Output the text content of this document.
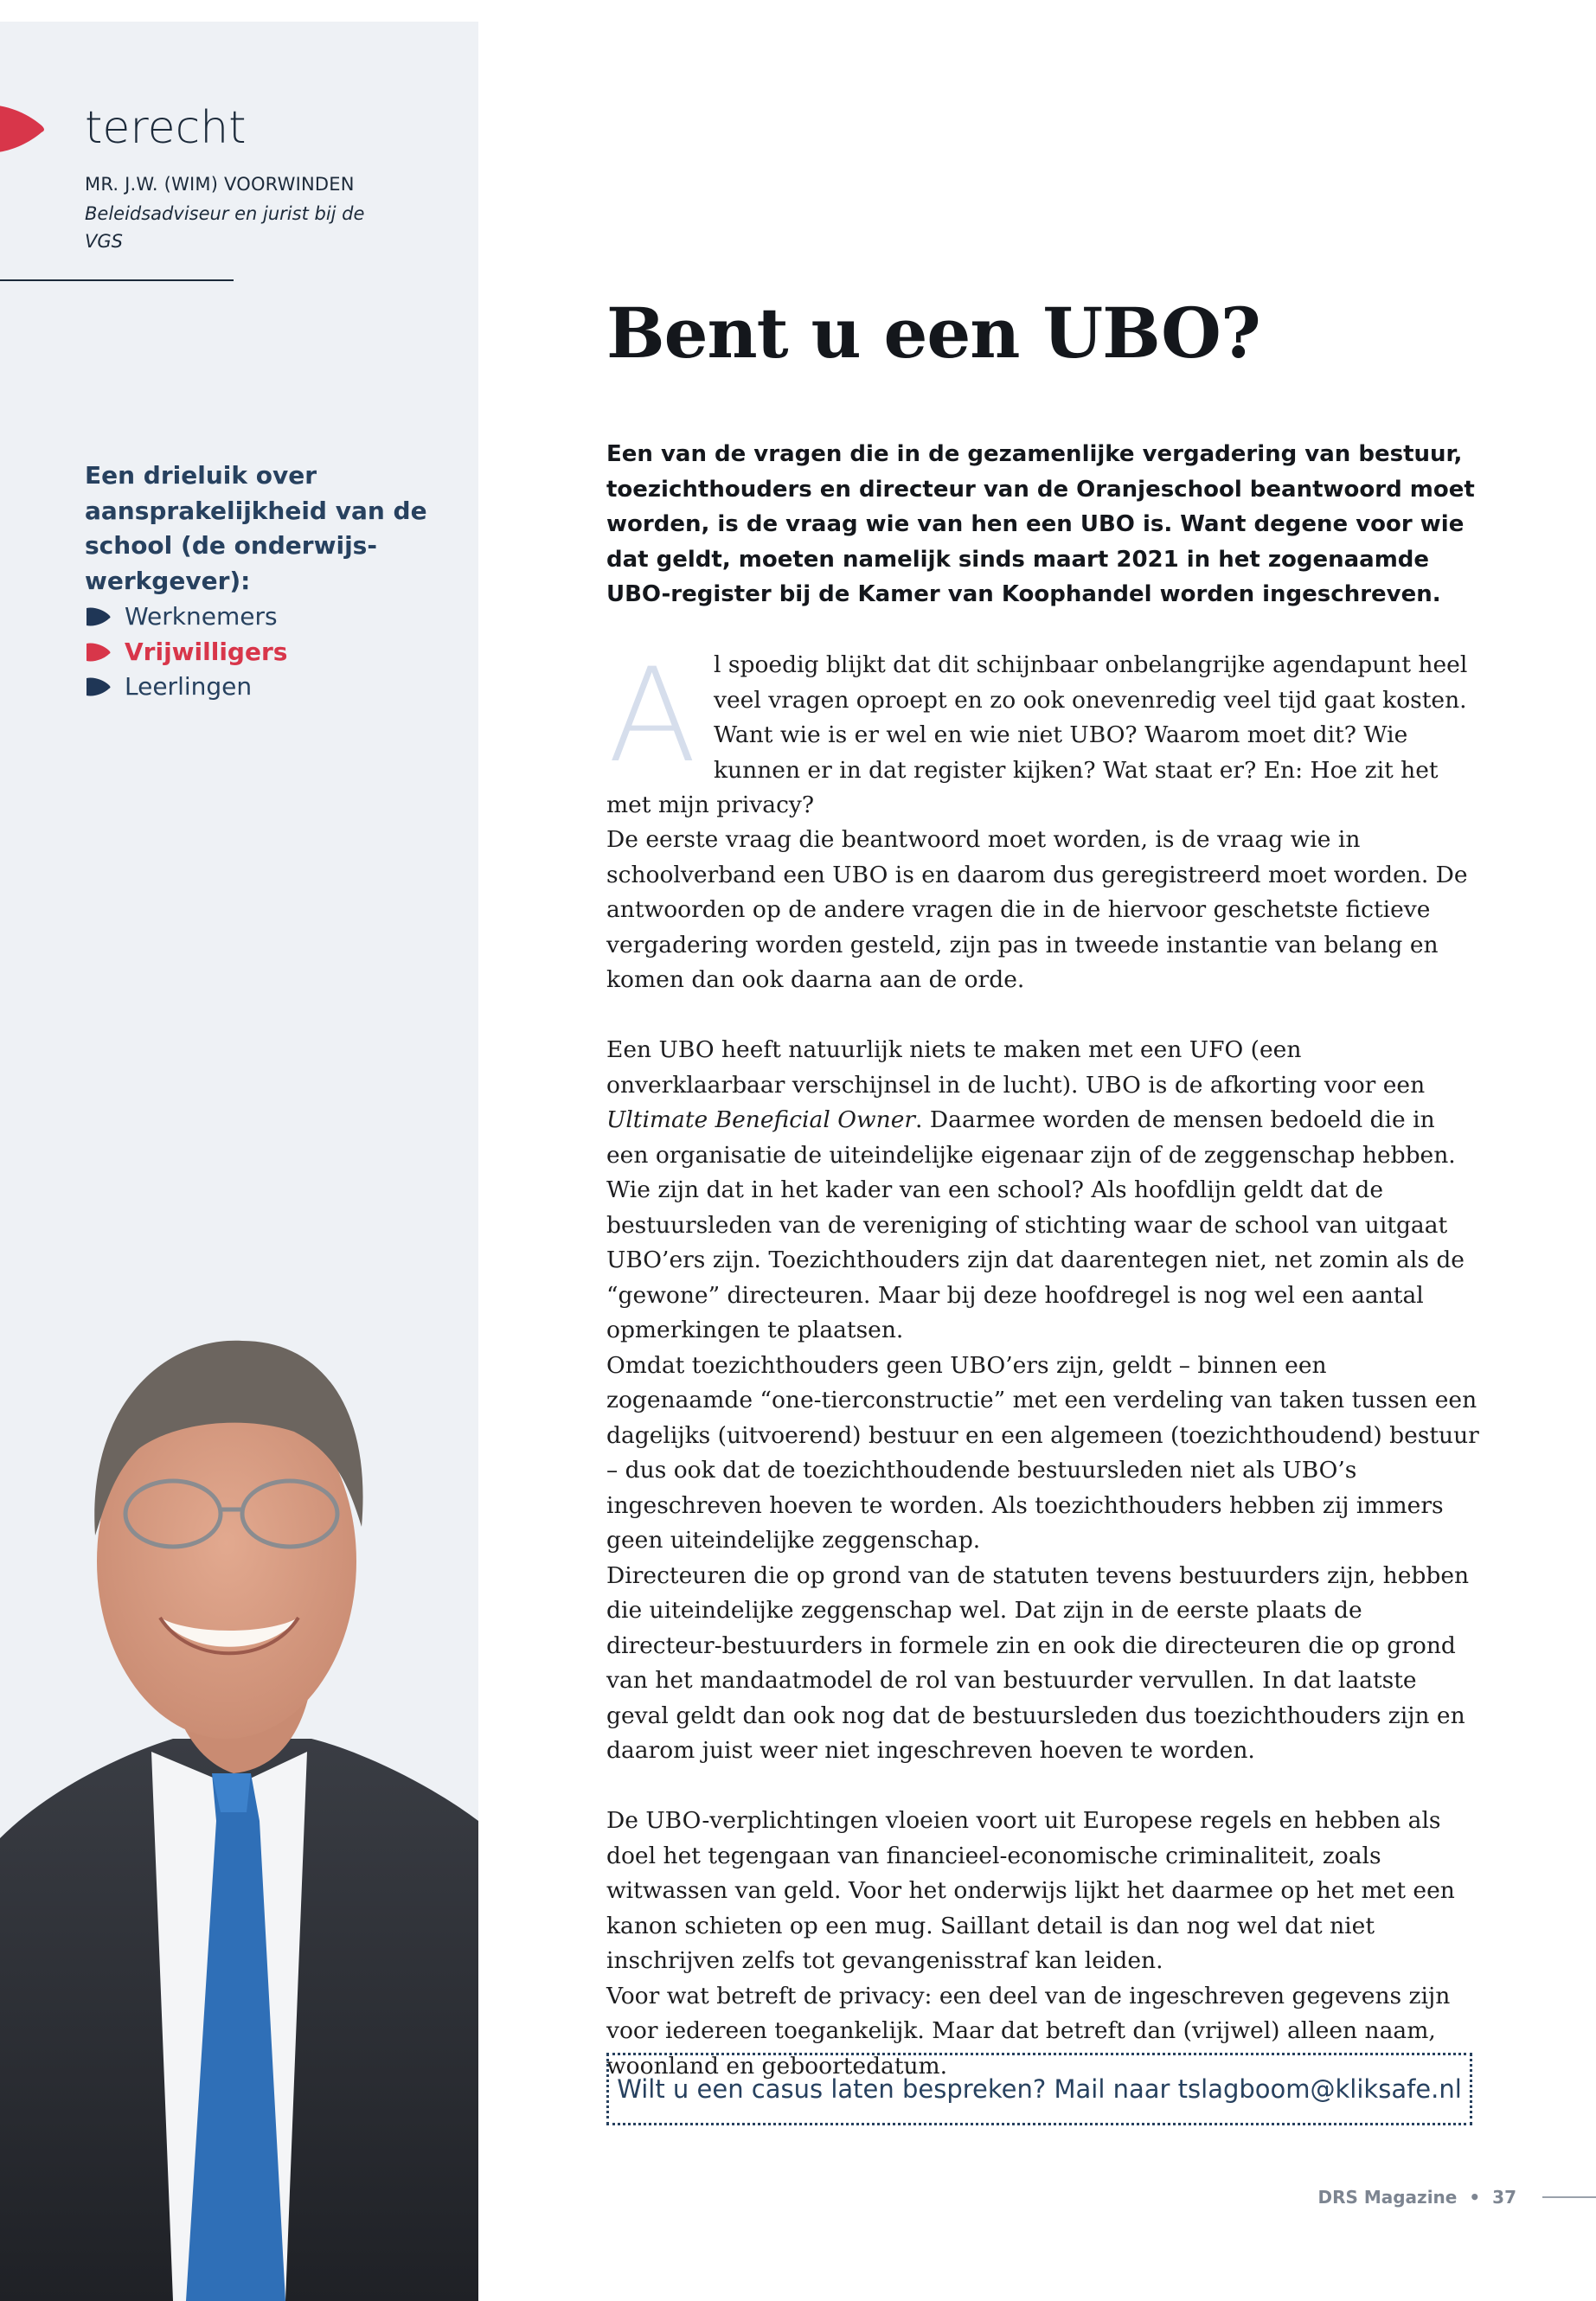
terecht
MR. J.W. (WIM) VOORWINDEN
Beleidsadviseur en jurist bij de VGS
Een drieluik over aansprakelijkheid van de school (de onderwijs-werkgever):
Werknemers
Vrijwilligers
Leerlingen
Bent u een UBO?

Een van de vragen die in de gezamenlijke vergadering van bestuur, toezichthouders en directeur van de Oranjeschool beantwoord moet worden, is de vraag wie van hen een UBO is. Want degene voor wie dat geldt, moeten namelijk sinds maart 2021 in het zogenaamde UBO-register bij de Kamer van Koophandel worden ingeschreven.

Al spoedig blijkt dat dit schijnbaar onbelangrijke agendapunt heel veel vragen oproept en zo ook onevenredig veel tijd gaat kosten. Want wie is er wel en wie niet UBO? Waarom moet dit? Wie kunnen er in dat register kijken? Wat staat er? En: Hoe zit het met mijn privacy?

De eerste vraag die beantwoord moet worden, is de vraag wie in schoolverband een UBO is en daarom dus geregistreerd moet worden. De antwoorden op de andere vragen die in de hiervoor geschetste fictieve vergadering worden gesteld, zijn pas in tweede instantie van belang en komen dan ook daarna aan de orde.

Een UBO heeft natuurlijk niets te maken met een UFO (een onverklaarbaar verschijnsel in de lucht). UBO is de afkorting voor een Ultimate Beneficial Owner. Daarmee worden de mensen bedoeld die in een organisatie de uiteindelijke eigenaar zijn of de zeggenschap hebben.

Wie zijn dat in het kader van een school? Als hoofdlijn geldt dat de bestuursleden van de vereniging of stichting waar de school van uitgaat UBO’ers zijn. Toezichthouders zijn dat daarentegen niet, net zomin als de “gewone” directeuren. Maar bij deze hoofdregel is nog wel een aantal opmerkingen te plaatsen.

Omdat toezichthouders geen UBO’ers zijn, geldt – binnen een zogenaamde “one-tierconstructie” met een verdeling van taken tussen een dagelijks (uitvoerend) bestuur en een algemeen (toezichthoudend) bestuur – dus ook dat de toezichthoudende bestuursleden niet als UBO’s ingeschreven hoeven te worden. Als toezichthouders hebben zij immers geen uiteindelijke zeggenschap.

Directeuren die op grond van de statuten tevens bestuurders zijn, hebben die uiteindelijke zeggenschap wel. Dat zijn in de eerste plaats de directeur-bestuurders in formele zin en ook die directeuren die op grond van het mandaatmodel de rol van bestuurder vervullen. In dat laatste geval geldt dan ook nog dat de bestuursleden dus toezichthouders zijn en daarom juist weer niet ingeschreven hoeven te worden.

De UBO-verplichtingen vloeien voort uit Europese regels en hebben als doel het tegengaan van financieel-economische criminaliteit, zoals witwassen van geld. Voor het onderwijs lijkt het daarmee op het met een kanon schieten op een mug. Saillant detail is dan nog wel dat niet inschrijven zelfs tot gevangenisstraf kan leiden.

Voor wat betreft de privacy: een deel van de ingeschreven gegevens zijn voor iedereen toegankelijk. Maar dat betreft dan (vrijwel) alleen naam, woonland en geboortedatum.

Wilt u een casus laten bespreken? Mail naar tslagboom@kliksafe.nl
DRS Magazine • 37
